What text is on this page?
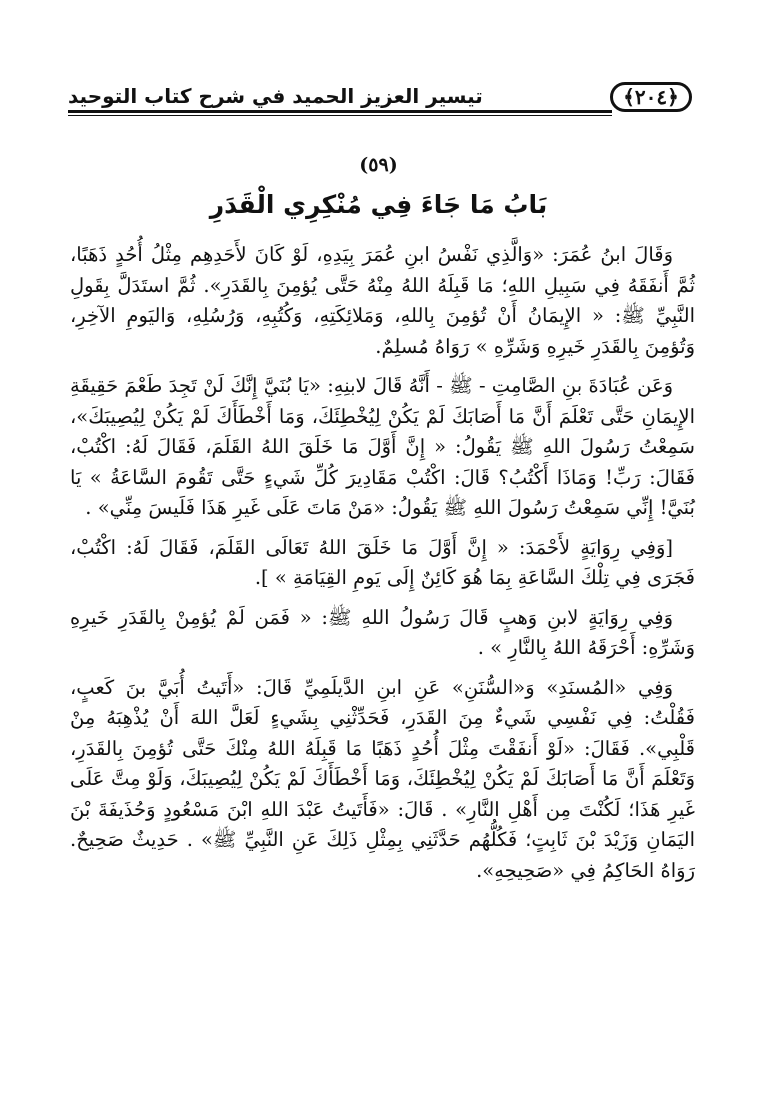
﴿٢٠٤﴾
تيسير العزيز الحميد في شرح كتاب التوحيد
(٥٩)
بَابُ مَا جَاءَ فِي مُنْكِرِي الْقَدَرِ

وَقَالَ ابنُ عُمَرَ: «وَالَّذِي نَفْسُ ابنِ عُمَرَ بِيَدِهِ، لَوْ كَانَ لأَحَدِهِم مِثْلُ أُحُدٍ ذَهَبًا، ثُمَّ أَنفَقَهُ فِي سَبِيلِ اللهِ؛ مَا قَبِلَهُ اللهُ مِنْهُ حَتَّى يُؤمِنَ بِالقَدَرِ». ثُمَّ استَدَلَّ بِقَولِ النَّبِيِّ ﷺ: « الإِيمَانُ أَنْ تُؤمِنَ بِاللهِ، وَمَلائِكَتِهِ، وَكُتُبِهِ، وَرُسُلِهِ، وَاليَومِ الآخِرِ، وَتُؤمِنَ بِالقَدَرِ خَيرِهِ وَشَرِّهِ » رَوَاهُ مُسلِمٌ.

وَعَن عُبَادَةَ بنِ الصَّامِتِ - ﷺ - أَنَّهُ قَالَ لابنِهِ: «يَا بُنَيَّ إِنَّكَ لَنْ تَجِدَ طَعْمَ حَقِيقَةِ الإِيمَانِ حَتَّى تَعْلَمَ أَنَّ مَا أَصَابَكَ لَمْ يَكُنْ لِيُخْطِئَكَ، وَمَا أَخْطَأَكَ لَمْ يَكُنْ لِيُصِيبَكَ»، سَمِعْتُ رَسُولَ اللهِ ﷺ يَقُولُ: « إِنَّ أَوَّلَ مَا خَلَقَ اللهُ القَلَمَ، فَقَالَ لَهُ: اكْتُبْ، فَقَالَ: رَبِّ! وَمَاذَا أَكْتُبُ؟ قَالَ: اكْتُبْ مَقَادِيرَ كُلِّ شَيءٍ حَتَّى تَقُومَ السَّاعَةُ » يَا بُنَيَّ! إِنِّي سَمِعْتُ رَسُولَ اللهِ ﷺ يَقُولُ: «مَنْ مَاتَ عَلَى غَيرِ هَذَا فَلَيسَ مِنِّي» .

[وَفِي رِوَايَةٍ لأَحْمَدَ: « إِنَّ أَوَّلَ مَا خَلَقَ اللهُ تَعَالَى القَلَمَ، فَقَالَ لَهُ: اكْتُبْ، فَجَرَى فِي تِلْكَ السَّاعَةِ بِمَا هُوَ كَائِنٌ إِلَى يَومِ القِيَامَةِ » ].

وَفِي رِوَايَةٍ لابنِ وَهبٍ قَالَ رَسُولُ اللهِ ﷺ: « فَمَن لَمْ يُؤمِنْ بِالقَدَرِ خَيرِهِ وَشَرِّهِ: أَحْرَقَهُ اللهُ بِالنَّارِ » .

وَفِي «المُسنَدِ» وَ«السُّنَنِ» عَنِ ابنِ الدَّيلَمِيِّ قَالَ: «أَتَيتُ أُبَيَّ بنَ كَعبٍ، فَقُلْتُ: فِي نَفْسِي شَيءٌ مِنَ القَدَرِ، فَحَدِّثْنِي بِشَيءٍ لَعَلَّ اللهَ أَنْ يُذْهِبَهُ مِنْ قَلْبِي». فَقَالَ: «لَوْ أَنفَقْتَ مِثْلَ أُحُدٍ ذَهَبًا مَا قَبِلَهُ اللهُ مِنْكَ حَتَّى تُؤمِنَ بِالقَدَرِ، وَتَعْلَمَ أَنَّ مَا أَصَابَكَ لَمْ يَكُنْ لِيُخْطِئَكَ، وَمَا أَخْطَأَكَ لَمْ يَكُنْ لِيُصِيبَكَ، وَلَوْ مِتَّ عَلَى غَيرِ هَذَا؛ لَكُنْتَ مِن أَهْلِ النَّارِ» . قَالَ: «فَأَتَيتُ عَبْدَ اللهِ ابْنَ مَسْعُودٍ وَحُذَيفَةَ بْنَ اليَمَانِ وَزَيْدَ بْنَ ثَابِتٍ؛ فَكُلُّهُم حَدَّثَنِي بِمِثْلِ ذَلِكَ عَنِ النَّبِيِّ ﷺ» . حَدِيثٌ صَحِيحٌ. رَوَاهُ الحَاكِمُ فِي «صَحِيحِهِ».
